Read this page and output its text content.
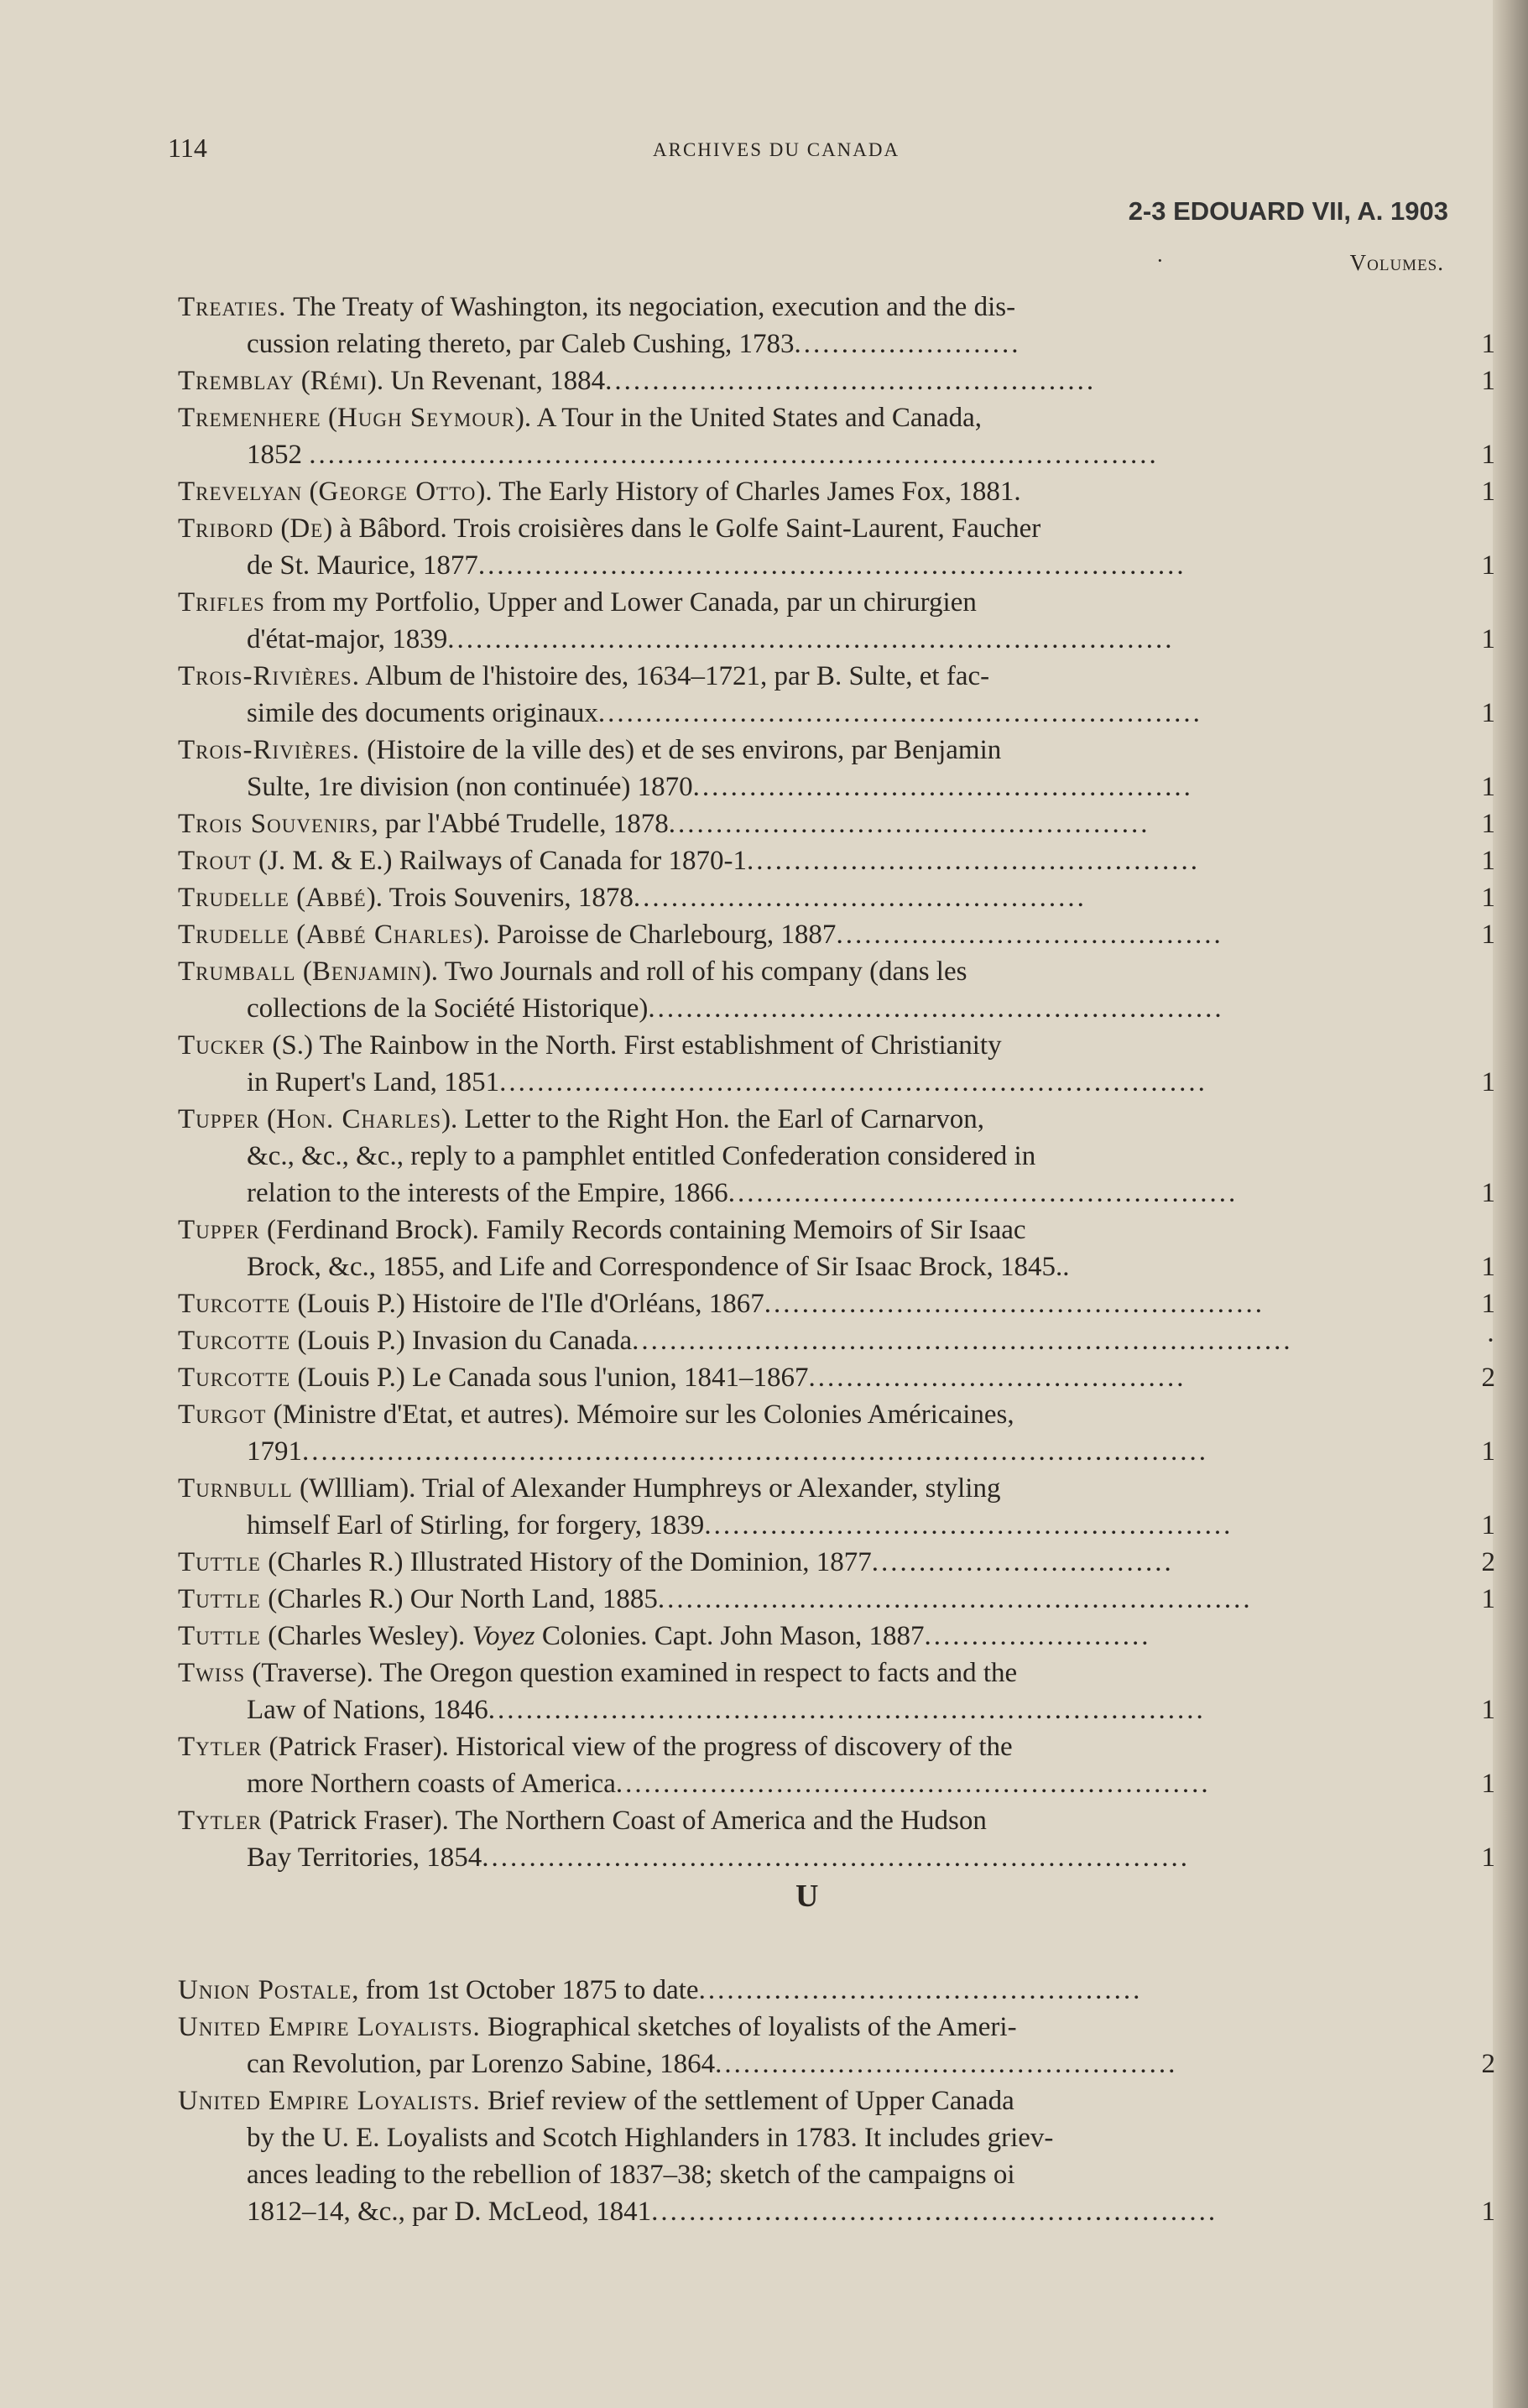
114	ARCHIVES DU CANADA
2-3 EDOUARD VII, A. 1903
·	Volumes.
Treaties. The Treaty of Washington, its negociation, execution and the dis-
cussion relating thereto, par Caleb Cushing, 1783........................	1
Tremblay (Rémi). Un Revenant, 1884....................................................	1
Tremenhere (Hugh Seymour). A Tour in the United States and Canada,
1852 ..........................................................................................	1
Trevelyan (George Otto). The Early History of Charles James Fox, 1881.	1
Tribord (De) à Bâbord. Trois croisières dans le Golfe Saint-Laurent, Faucher
de St. Maurice, 1877...........................................................................	1
Trifles from my Portfolio, Upper and Lower Canada, par un chirurgien
d'état-major, 1839.............................................................................	1
Trois-Rivières. Album de l'histoire des, 1634–1721, par B. Sulte, et fac-
simile des documents originaux................................................................	1
Trois-Rivières. (Histoire de la ville des) et de ses environs, par Benjamin
Sulte, 1re division (non continuée) 1870.....................................................	1
Trois Souvenirs, par l'Abbé Trudelle, 1878...................................................	1
Trout (J. M. & E.) Railways of Canada for 1870-1................................................	1
Trudelle (Abbé). Trois Souvenirs, 1878................................................	1
Trudelle (Abbé Charles). Paroisse de Charlebourg, 1887.........................................	1
Trumball (Benjamin). Two Journals and roll of his company (dans les
collections de la Société Historique).............................................................
Tucker (S.) The Rainbow in the North. First establishment of Christianity
in Rupert's Land, 1851...........................................................................	1
Tupper (Hon. Charles). Letter to the Right Hon. the Earl of Carnarvon,
&c., &c., &c., reply to a pamphlet entitled Confederation considered in
relation to the interests of the Empire, 1866......................................................	1
Tupper (Ferdinand Brock). Family Records containing Memoirs of Sir Isaac
Brock, &c., 1855, and Life and Correspondence of Sir Isaac Brock, 1845..	1
Turcotte (Louis P.) Histoire de l'Ile d'Orléans, 1867.....................................................	1
Turcotte (Louis P.) Invasion du Canada......................................................................	·
Turcotte (Louis P.) Le Canada sous l'union, 1841–1867........................................	2
Turgot (Ministre d'Etat, et autres). Mémoire sur les Colonies Américaines,
1791................................................................................................	1
Turnbull (Wllliam). Trial of Alexander Humphreys or Alexander, styling
himself Earl of Stirling, for forgery, 1839........................................................	1
Tuttle (Charles R.) Illustrated History of the Dominion, 1877................................	2
Tuttle (Charles R.) Our North Land, 1885...............................................................	1
Tuttle (Charles Wesley). Voyez Colonies. Capt. John Mason, 1887........................
Twiss (Traverse). The Oregon question examined in respect to facts and the
Law of Nations, 1846............................................................................	1
Tytler (Patrick Fraser). Historical view of the progress of discovery of the
more Northern coasts of America...............................................................	1
Tytler (Patrick Fraser). The Northern Coast of America and the Hudson
Bay Territories, 1854...........................................................................	1
U
Union Postale, from 1st October 1875 to date...............................................
United Empire Loyalists. Biographical sketches of loyalists of the Ameri-
can Revolution, par Lorenzo Sabine, 1864.................................................	2
United Empire Loyalists. Brief review of the settlement of Upper Canada
by the U. E. Loyalists and Scotch Highlanders in 1783. It includes griev-
ances leading to the rebellion of 1837–38; sketch of the campaigns oi
1812–14, &c., par D. McLeod, 1841............................................................	1
